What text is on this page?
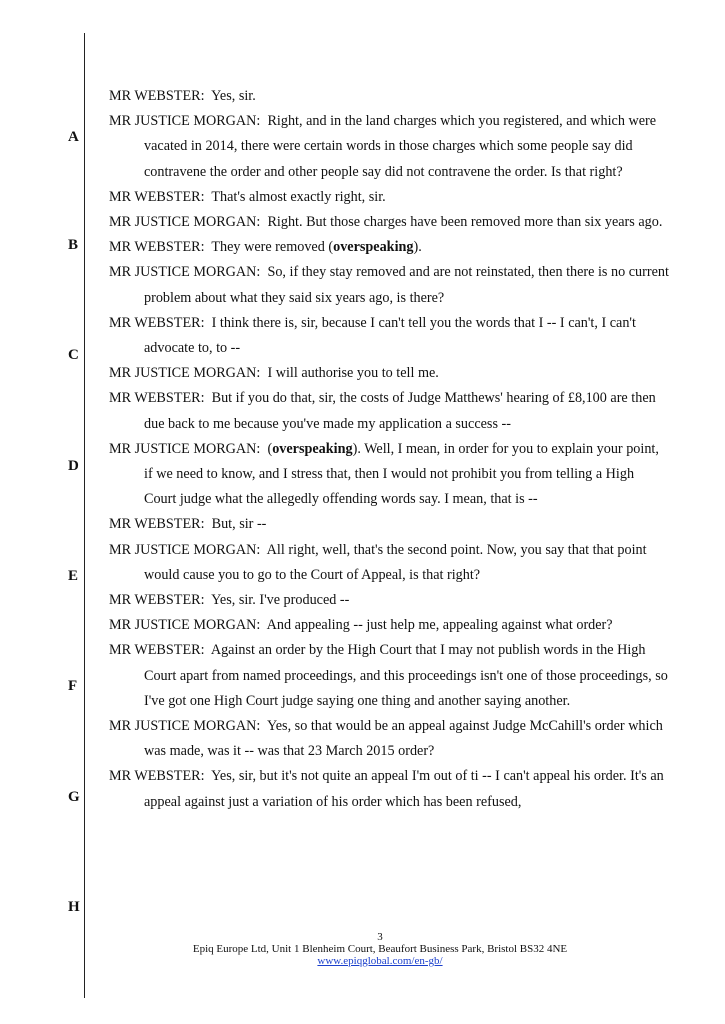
A
B
C
D
E
F
G
H

MR WEBSTER: Yes, sir.

MR JUSTICE MORGAN: Right, and in the land charges which you registered, and which were vacated in 2014, there were certain words in those charges which some people say did contravene the order and other people say did not contravene the order. Is that right?

MR WEBSTER: That's almost exactly right, sir.

MR JUSTICE MORGAN: Right. But those charges have been removed more than six years ago.

MR WEBSTER: They were removed (overspeaking).

MR JUSTICE MORGAN: So, if they stay removed and are not reinstated, then there is no current problem about what they said six years ago, is there?

MR WEBSTER: I think there is, sir, because I can't tell you the words that I -- I can't, I can't advocate to, to --

MR JUSTICE MORGAN: I will authorise you to tell me.

MR WEBSTER: But if you do that, sir, the costs of Judge Matthews' hearing of £8,100 are then due back to me because you've made my application a success --

MR JUSTICE MORGAN: (overspeaking). Well, I mean, in order for you to explain your point, if we need to know, and I stress that, then I would not prohibit you from telling a High Court judge what the allegedly offending words say. I mean, that is --

MR WEBSTER: But, sir --

MR JUSTICE MORGAN: All right, well, that's the second point. Now, you say that that point would cause you to go to the Court of Appeal, is that right?

MR WEBSTER: Yes, sir. I've produced --

MR JUSTICE MORGAN: And appealing -- just help me, appealing against what order?

MR WEBSTER: Against an order by the High Court that I may not publish words in the High Court apart from named proceedings, and this proceedings isn't one of those proceedings, so I've got one High Court judge saying one thing and another saying another.

MR JUSTICE MORGAN: Yes, so that would be an appeal against Judge McCahill's order which was made, was it -- was that 23 March 2015 order?

MR WEBSTER: Yes, sir, but it's not quite an appeal I'm out of ti -- I can't appeal his order. It's an appeal against just a variation of his order which has been refused,

3
Epiq Europe Ltd, Unit 1 Blenheim Court, Beaufort Business Park, Bristol BS32 4NE
www.epiqglobal.com/en-gb/
